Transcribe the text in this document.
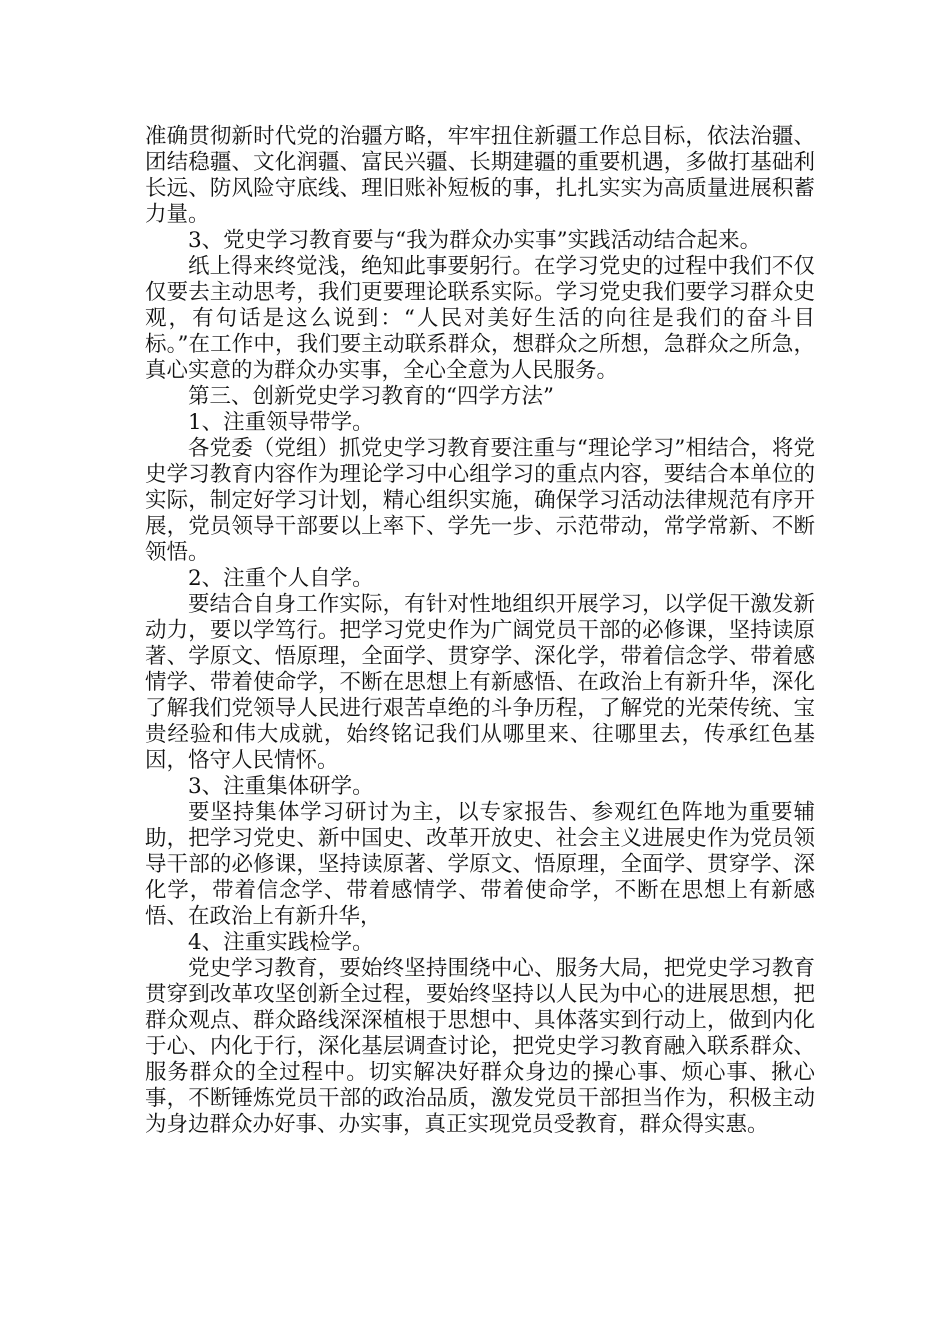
准确贯彻新时代党的治疆方略，牢牢扭住新疆工作总目标，依法治疆、团结稳疆、文化润疆、富民兴疆、长期建疆的重要机遇，多做打基础利长远、防风险守底线、理旧账补短板的事，扎扎实实为高质量进展积蓄力量。

3、党史学习教育要与“我为群众办实事”实践活动结合起来。

纸上得来终觉浅，绝知此事要躬行。在学习党史的过程中我们不仅仅要去主动思考，我们更要理论联系实际。学习党史我们要学习群众史观，有句话是这么说到：“人民对美好生活的向往是我们的奋斗目标。”在工作中，我们要主动联系群众，想群众之所想，急群众之所急，真心实意的为群众办实事，全心全意为人民服务。

第三、创新党史学习教育的“四学方法”

1、注重领导带学。

各党委（党组）抓党史学习教育要注重与“理论学习”相结合，将党史学习教育内容作为理论学习中心组学习的重点内容，要结合本单位的实际，制定好学习计划，精心组织实施，确保学习活动法律规范有序开展，党员领导干部要以上率下、学先一步、示范带动，常学常新、不断领悟。

2、注重个人自学。

要结合自身工作实际，有针对性地组织开展学习，以学促干激发新动力，要以学笃行。把学习党史作为广阔党员干部的必修课，坚持读原著、学原文、悟原理，全面学、贯穿学、深化学，带着信念学、带着感情学、带着使命学，不断在思想上有新感悟、在政治上有新升华，深化了解我们党领导人民进行艰苦卓绝的斗争历程，了解党的光荣传统、宝贵经验和伟大成就，始终铭记我们从哪里来、往哪里去，传承红色基因，恪守人民情怀。

3、注重集体研学。

要坚持集体学习研讨为主，以专家报告、参观红色阵地为重要辅助，把学习党史、新中国史、改革开放史、社会主义进展史作为党员领导干部的必修课，坚持读原著、学原文、悟原理，全面学、贯穿学、深化学，带着信念学、带着感情学、带着使命学，不断在思想上有新感悟、在政治上有新升华，

4、注重实践检学。

党史学习教育，要始终坚持围绕中心、服务大局，把党史学习教育贯穿到改革攻坚创新全过程，要始终坚持以人民为中心的进展思想，把群众观点、群众路线深深植根于思想中、具体落实到行动上，做到内化于心、内化于行，深化基层调查讨论，把党史学习教育融入联系群众、服务群众的全过程中。切实解决好群众身边的操心事、烦心事、揪心事，不断锤炼党员干部的政治品质，激发党员干部担当作为，积极主动为身边群众办好事、办实事，真正实现党员受教育，群众得实惠。
